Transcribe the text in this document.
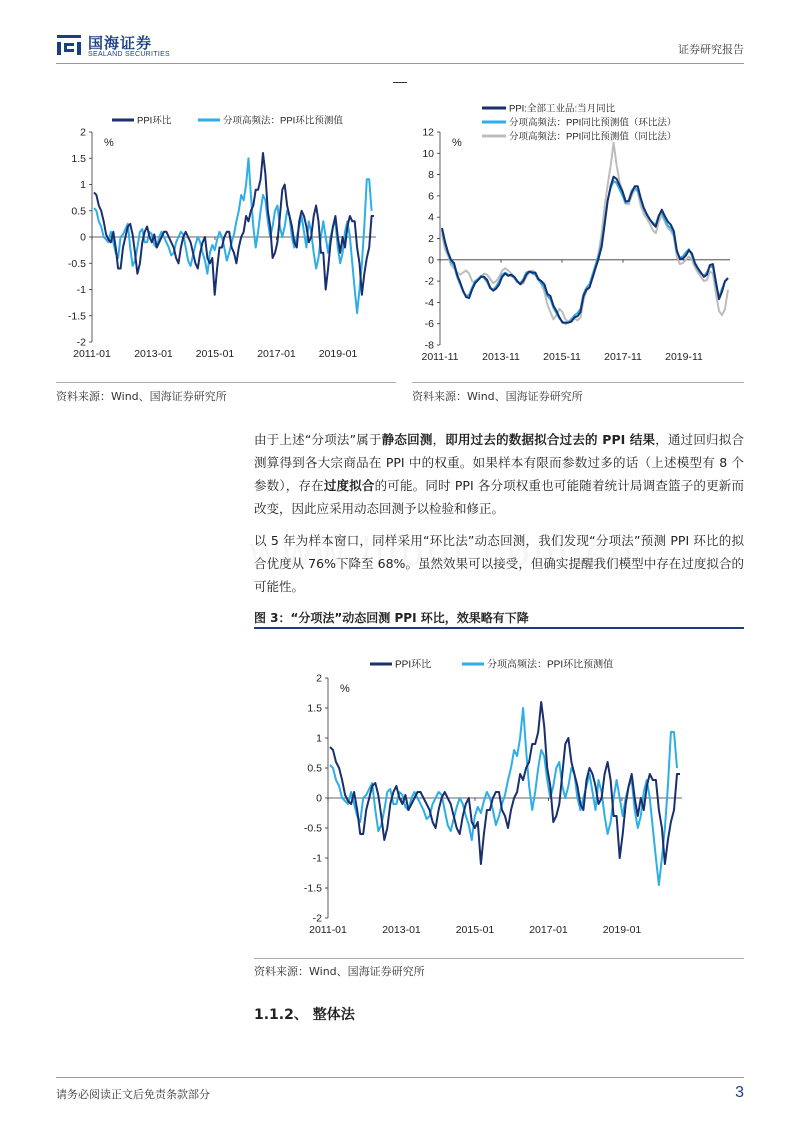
国海证券
SEALAND SECURITIES	证券研究报告
-2
-1.5
-1
-0.5
0
0.5
1
1.5
2
2011-01 2013-01 2015-01 2017-01 2019-01
%
PPI环比	分项高频法：PPI环比预测值
-8
-6
-4
-2
0
2
4
6
8
10
12
2011-11 2013-11 2015-11 2017-11 2019-11
%
PPI:全部工业品:当月同比
分项高频法：PPI同比预测值（环比法）
分项高频法：PPI同比预测值（同比法）
资料来源：Wind、国海证券研究所	资料来源：Wind、国海证券研究所
由于上述“分项法”属于静态回测，即用过去的数据拟合过去的 PPI 结果，通过回归拟合测算得到各大宗商品在 PPI 中的权重。如果样本有限而参数过多的话（上述模型有 8 个参数），存在过度拟合的可能。同时 PPI 各分项权重也可能随着统计局调查篮子的更新而改变，因此应采用动态回测予以检验和修正。
以 5 年为样本窗口，同样采用“环比法”动态回测，我们发现“分项法”预测 PPI 环比的拟合优度从 76%下降至 68%。虽然效果可以接受，但确实提醒我们模型中存在过度拟合的可能性。
图 3：“分项法”动态回测 PPI 环比，效果略有下降
-2
-1.5
-1
-0.5
0
0.5
1
1.5
2
2011-01	2013-01	2015-01	2017-01	2019-01
%
PPI环比	分项高频法：PPI环比预测值
资料来源：Wind、国海证券研究所
1.1.2、 整体法
请务必阅读正文后免责条款部分	3
